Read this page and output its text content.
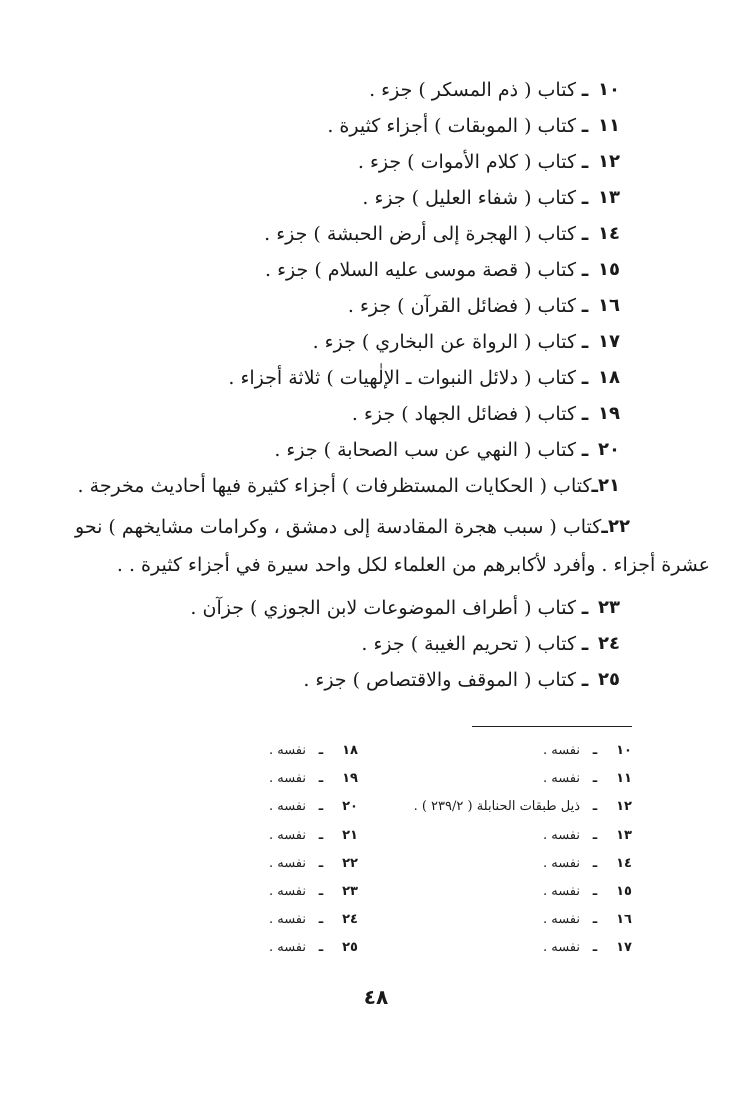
١٠
ـ
كتاب ( ذم المسكر ) جزء .
١١
ـ
كتاب ( الموبقات ) أجزاء كثيرة .
١٢
ـ
كتاب ( كلام الأموات ) جزء .
١٣
ـ
كتاب ( شفاء العليل ) جزء .
١٤
ـ
كتاب ( الهجرة إلى أرض الحبشة ) جزء .
١٥
ـ
كتاب ( قصة موسى عليه السلام ) جزء .
١٦
ـ
كتاب ( فضائل القرآن ) جزء .
١٧
ـ
كتاب ( الرواة عن البخاري ) جزء .
١٨
ـ
كتاب ( دلائل النبوات ـ الإلٰهيات ) ثلاثة أجزاء .
١٩
ـ
كتاب ( فضائل الجهاد ) جزء .
٢٠
ـ
كتاب ( النهي عن سب الصحابة ) جزء .
٢١
ـ
كتاب ( الحكايات المستظرفات ) أجزاء كثيرة فيها أحاديث مخرجة .
٢٢
ـ
كتاب ( سبب هجرة المقادسة إلى دمشق ، وكرامات مشايخهم ) نحو
عشرة أجزاء . وأفرد لأكابرهم من العلماء لكل واحد سيرة في أجزاء كثيرة . .
٢٣
ـ
كتاب ( أطراف الموضوعات لابن الجوزي ) جزآن .
٢٤
ـ
كتاب ( تحريم الغيبة ) جزء .
٢٥
ـ
كتاب ( الموقف والاقتصاص ) جزء .
١٠
ـ
نفسه .
١١
ـ
نفسه .
١٢
ـ
ذيل طبقات الحنابلة ( ٢٣٩/٢ ) .
١٣
ـ
نفسه .
١٤
ـ
نفسه .
١٥
ـ
نفسه .
١٦
ـ
نفسه .
١٧
ـ
نفسه .
١٨
ـ
نفسه .
١٩
ـ
نفسه .
٢٠
ـ
نفسه .
٢١
ـ
نفسه .
٢٢
ـ
نفسه .
٢٣
ـ
نفسه .
٢٤
ـ
نفسه .
٢٥
ـ
نفسه .
٤٨
